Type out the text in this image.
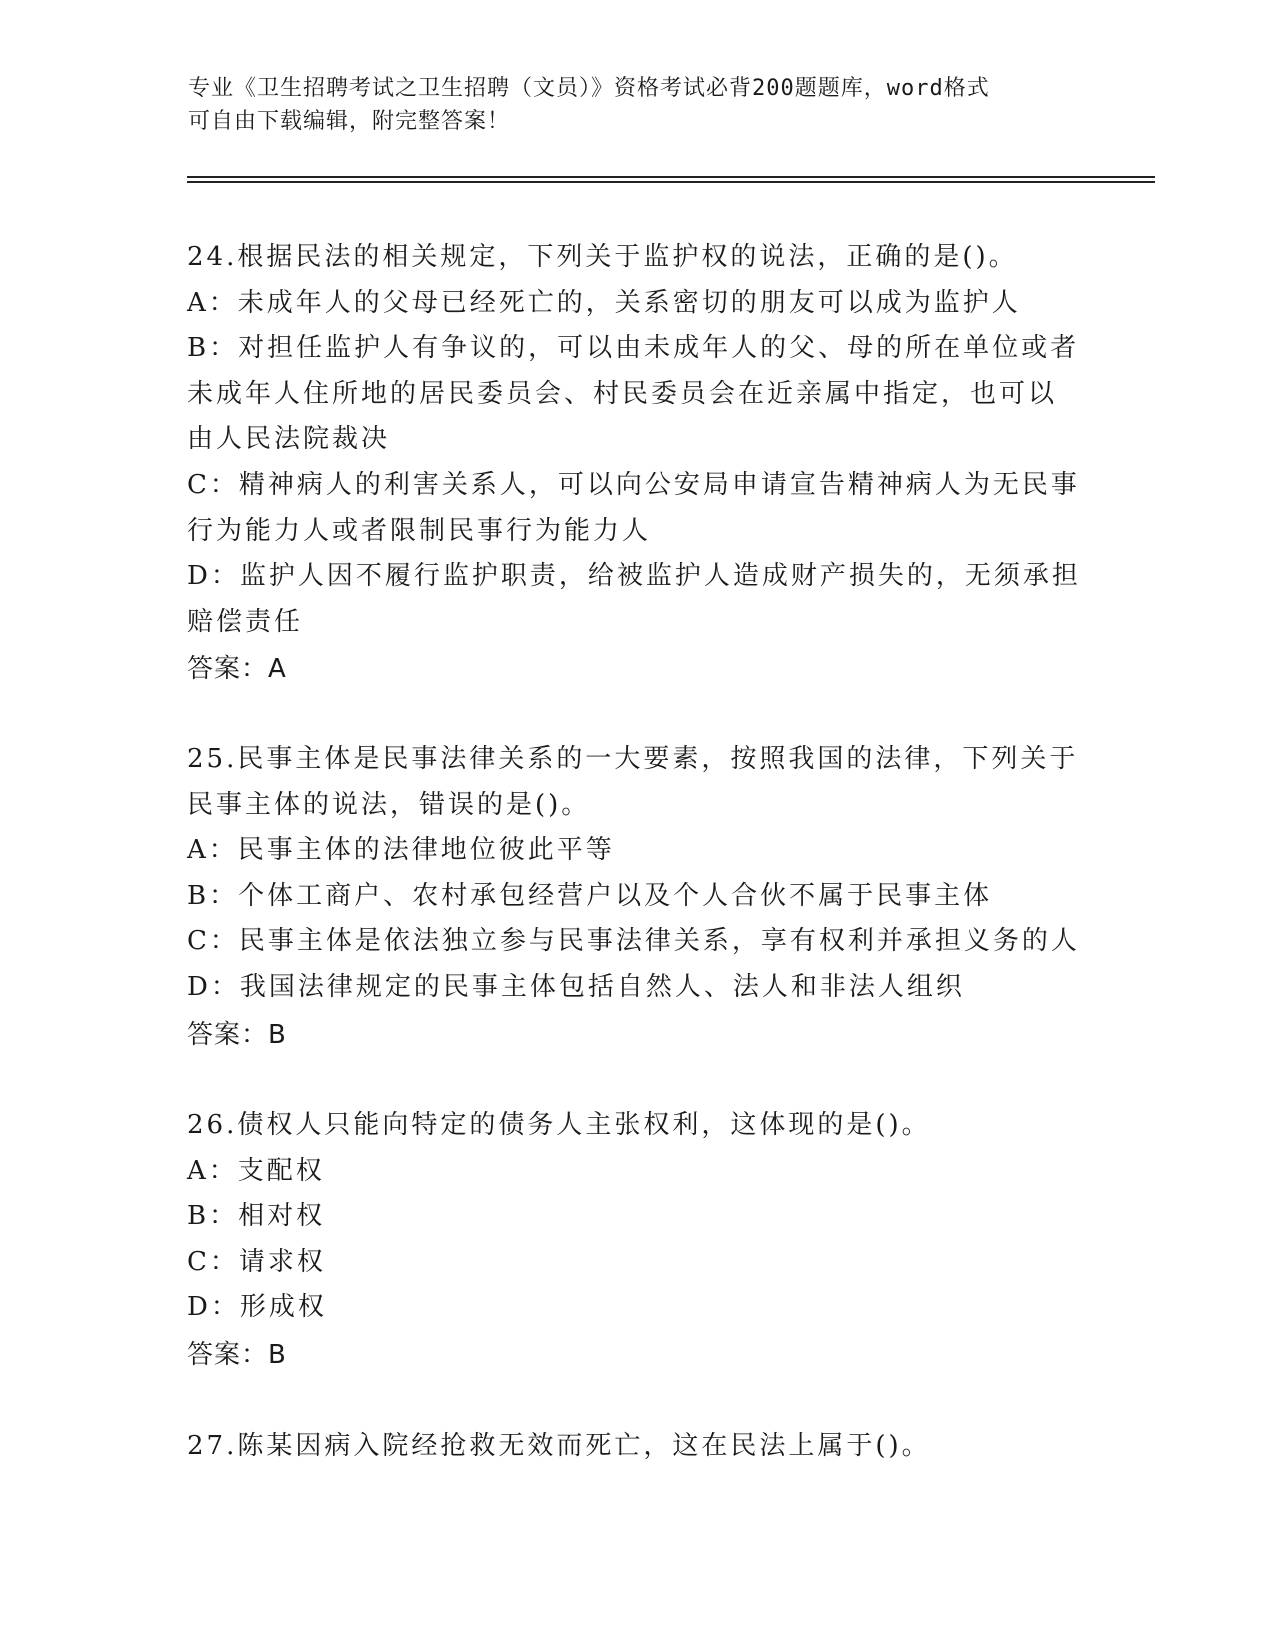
专业《卫生招聘考试之卫生招聘（文员）》资格考试必背200题题库，word格式
可自由下载编辑，附完整答案！
24.根据民法的相关规定，下列关于监护权的说法，正确的是()。
A：未成年人的父母已经死亡的，关系密切的朋友可以成为监护人
B：对担任监护人有争议的，可以由未成年人的父、母的所在单位或者
未成年人住所地的居民委员会、村民委员会在近亲属中指定，也可以
由人民法院裁决
C：精神病人的利害关系人，可以向公安局申请宣告精神病人为无民事
行为能力人或者限制民事行为能力人
D：监护人因不履行监护职责，给被监护人造成财产损失的，无须承担
赔偿责任
答案：A
25.民事主体是民事法律关系的一大要素，按照我国的法律，下列关于
民事主体的说法，错误的是()。
A：民事主体的法律地位彼此平等
B：个体工商户、农村承包经营户以及个人合伙不属于民事主体
C：民事主体是依法独立参与民事法律关系，享有权利并承担义务的人
D：我国法律规定的民事主体包括自然人、法人和非法人组织
答案：B
26.债权人只能向特定的债务人主张权利，这体现的是()。
A：支配权
B：相对权
C：请求权
D：形成权
答案：B
27.陈某因病入院经抢救无效而死亡，这在民法上属于()。
